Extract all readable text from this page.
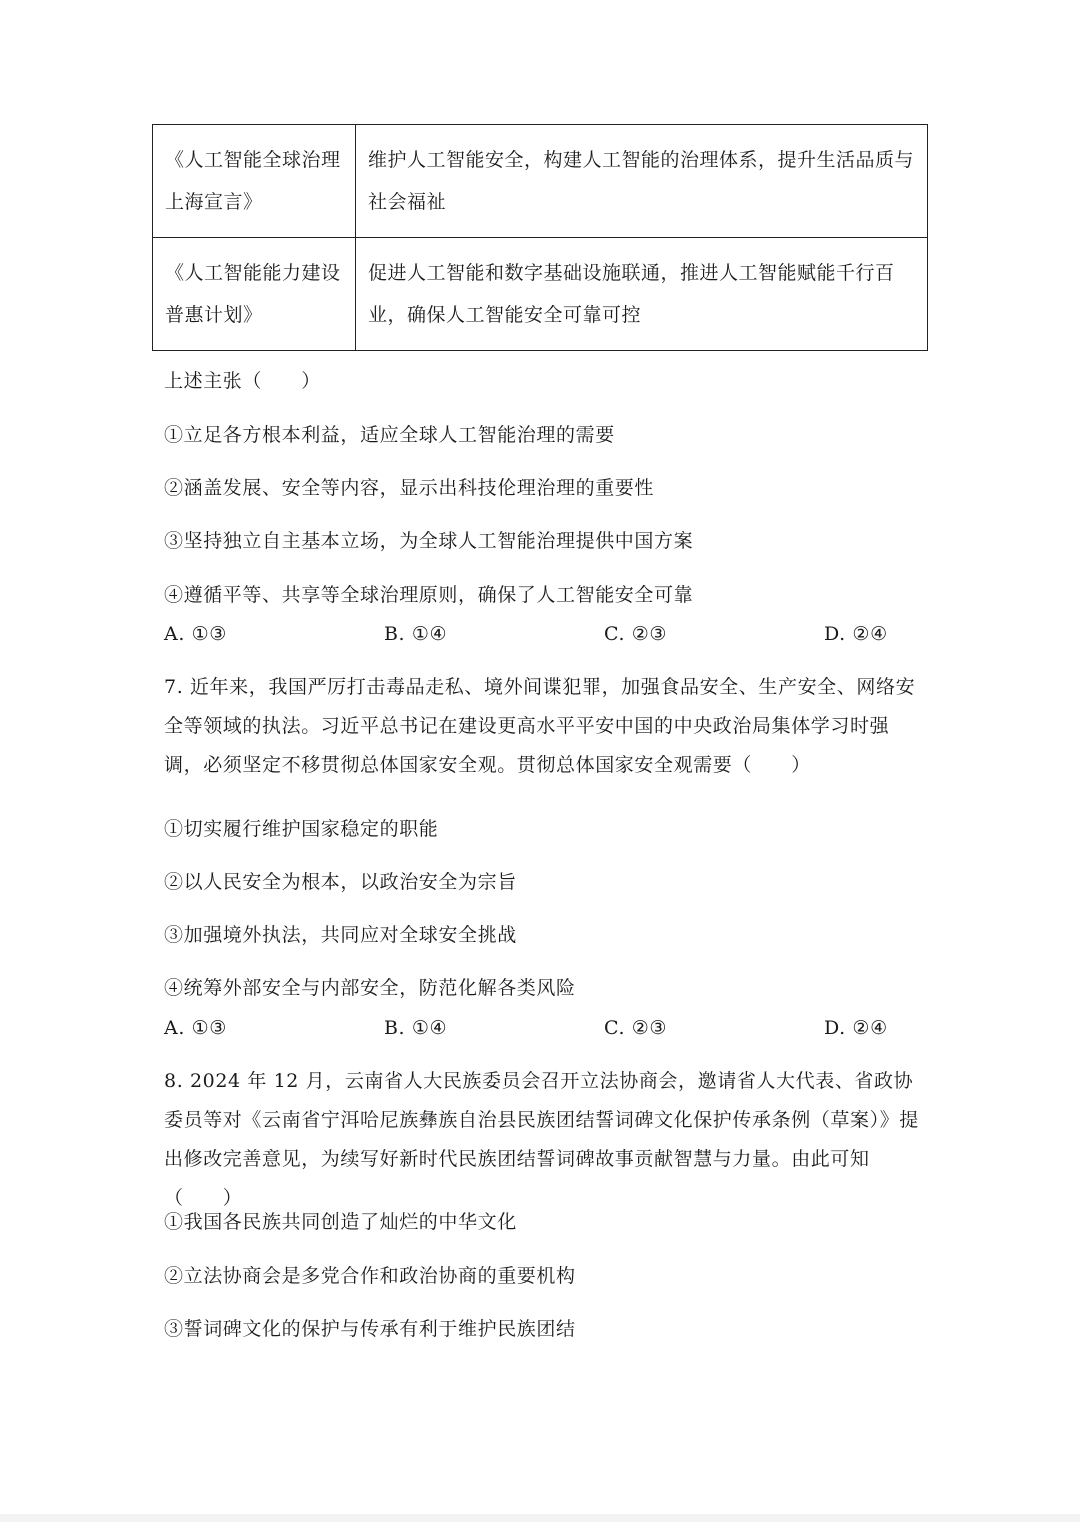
《人工智能全球治理上海宣言》	维护人工智能安全，构建人工智能的治理体系，提升生活品质与社会福祉
《人工智能能力建设普惠计划》	促进人工智能和数字基础设施联通，推进人工智能赋能千行百业，确保人工智能安全可靠可控
上述主张（　　）
①立足各方根本利益，适应全球人工智能治理的需要
②涵盖发展、安全等内容，显示出科技伦理治理的重要性
③坚持独立自主基本立场，为全球人工智能治理提供中国方案
④遵循平等、共享等全球治理原则，确保了人工智能安全可靠
A. ①③	B. ①④	C. ②③	D. ②④
7. 近年来，我国严厉打击毒品走私、境外间谍犯罪，加强食品安全、生产安全、网络安全等领域的执法。习近平总书记在建设更高水平平安中国的中央政治局集体学习时强调，必须坚定不移贯彻总体国家安全观。贯彻总体国家安全观需要（　　）
①切实履行维护国家稳定的职能
②以人民安全为根本，以政治安全为宗旨
③加强境外执法，共同应对全球安全挑战
④统筹外部安全与内部安全，防范化解各类风险
A. ①③	B. ①④	C. ②③	D. ②④
8. 2024 年 12 月，云南省人大民族委员会召开立法协商会，邀请省人大代表、省政协委员等对《云南省宁洱哈尼族彝族自治县民族团结誓词碑文化保护传承条例（草案）》提出修改完善意见，为续写好新时代民族团结誓词碑故事贡献智慧与力量。由此可知（　　）
①我国各民族共同创造了灿烂的中华文化
②立法协商会是多党合作和政治协商的重要机构
③誓词碑文化的保护与传承有利于维护民族团结
